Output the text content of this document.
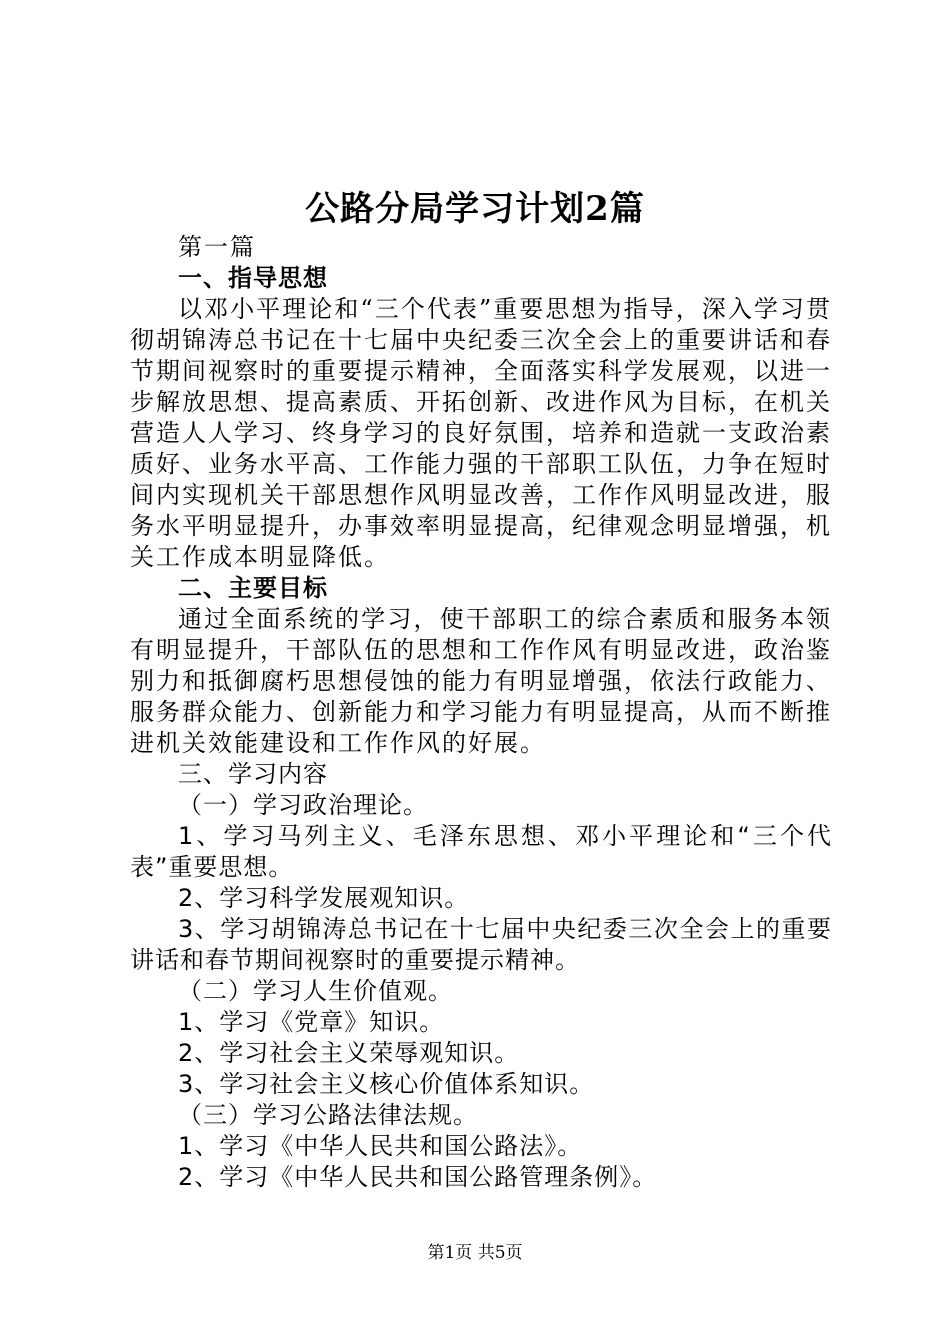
公路分局学习计划2篇

第一篇

一、指导思想

以邓小平理论和“三个代表”重要思想为指导，深入学习贯彻胡锦涛总书记在十七届中央纪委三次全会上的重要讲话和春节期间视察时的重要提示精神，全面落实科学发展观，以进一步解放思想、提高素质、开拓创新、改进作风为目标，在机关营造人人学习、终身学习的良好氛围，培养和造就一支政治素质好、业务水平高、工作能力强的干部职工队伍，力争在短时间内实现机关干部思想作风明显改善，工作作风明显改进，服务水平明显提升，办事效率明显提高，纪律观念明显增强，机关工作成本明显降低。

二、主要目标

通过全面系统的学习，使干部职工的综合素质和服务本领有明显提升，干部队伍的思想和工作作风有明显改进，政治鉴别力和抵御腐朽思想侵蚀的能力有明显增强，依法行政能力、服务群众能力、创新能力和学习能力有明显提高，从而不断推进机关效能建设和工作作风的好展。

三、学习内容

（一）学习政治理论。

1、学习马列主义、毛泽东思想、邓小平理论和“三个代表”重要思想。

2、学习科学发展观知识。

3、学习胡锦涛总书记在十七届中央纪委三次全会上的重要讲话和春节期间视察时的重要提示精神。

（二）学习人生价值观。

1、学习《党章》知识。

2、学习社会主义荣辱观知识。

3、学习社会主义核心价值体系知识。

（三）学习公路法律法规。

1、学习《中华人民共和国公路法》。

2、学习《中华人民共和国公路管理条例》。

第1页 共5页
